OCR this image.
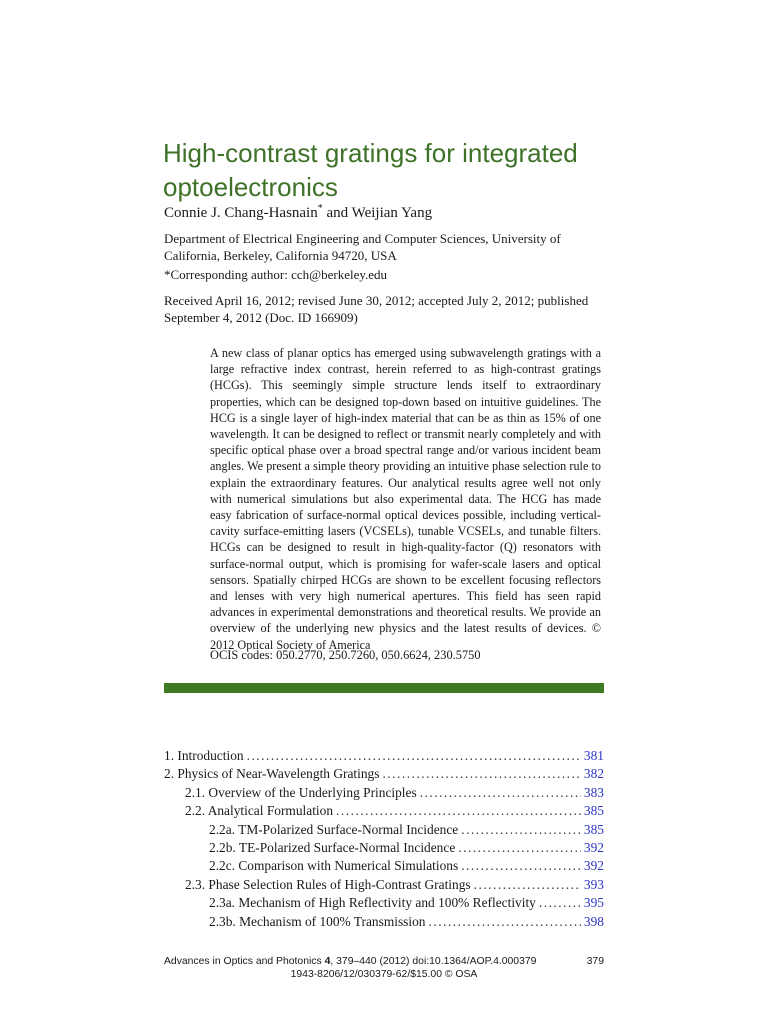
High-contrast gratings for integrated optoelectronics
Connie J. Chang-Hasnain* and Weijian Yang
Department of Electrical Engineering and Computer Sciences, University of California, Berkeley, California 94720, USA
*Corresponding author: cch@berkeley.edu
Received April 16, 2012; revised June 30, 2012; accepted July 2, 2012; published September 4, 2012 (Doc. ID 166909)
A new class of planar optics has emerged using subwavelength gratings with a large refractive index contrast, herein referred to as high-contrast gratings (HCGs). This seemingly simple structure lends itself to extraordinary properties, which can be designed top-down based on intuitive guidelines. The HCG is a single layer of high-index material that can be as thin as 15% of one wavelength. It can be designed to reflect or transmit nearly completely and with specific optical phase over a broad spectral range and/or various incident beam angles. We present a simple theory providing an intuitive phase selection rule to explain the extraordinary features. Our analytical results agree well not only with numerical simulations but also experimental data. The HCG has made easy fabrication of surface-normal optical devices possible, including vertical-cavity surface-emitting lasers (VCSELs), tunable VCSELs, and tunable filters. HCGs can be designed to result in high-quality-factor (Q) resonators with surface-normal output, which is promising for wafer-scale lasers and optical sensors. Spatially chirped HCGs are shown to be excellent focusing reflectors and lenses with very high numerical apertures. This field has seen rapid advances in experimental demonstrations and theoretical results. We provide an overview of the underlying new physics and the latest results of devices. © 2012 Optical Society of America
OCIS codes: 050.2770, 250.7260, 050.6624, 230.5750
1. Introduction .....	381
2. Physics of Near-Wavelength Gratings .....	382
2.1. Overview of the Underlying Principles .....	383
2.2. Analytical Formulation .....	385
2.2a. TM-Polarized Surface-Normal Incidence .....	385
2.2b. TE-Polarized Surface-Normal Incidence .....	392
2.2c. Comparison with Numerical Simulations .....	392
2.3. Phase Selection Rules of High-Contrast Gratings .....	393
2.3a. Mechanism of High Reflectivity and 100% Reflectivity .....	395
2.3b. Mechanism of 100% Transmission .....	398
Advances in Optics and Photonics 4, 379–440 (2012) doi:10.1364/AOP.4.000379	379
1943-8206/12/030379-62/$15.00 © OSA
